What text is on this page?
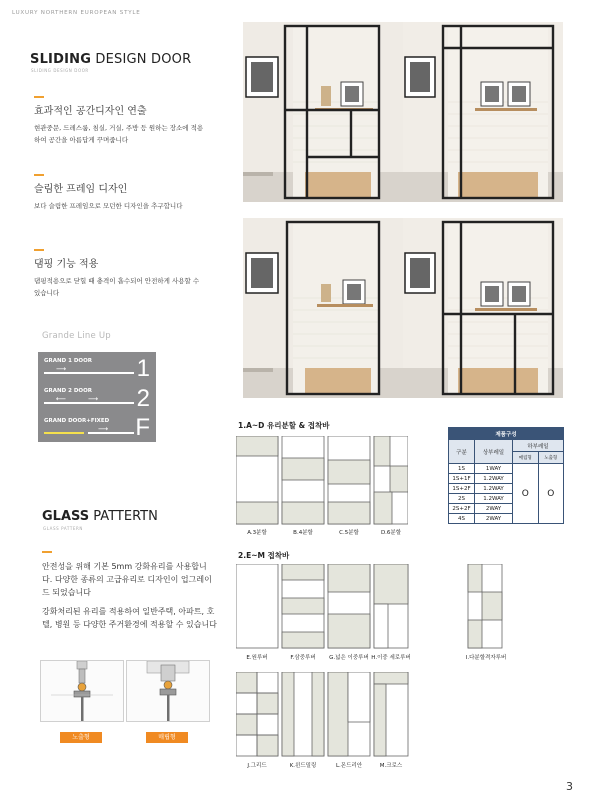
LUXURY NORTHERN EUROPEAN STYLE
SLIDING DESIGN DOOR
SLIDING DESIGN DOOR
효과적인 공간디자인 연출

현관중문, 드레스룸, 침실, 거실, 주방 등 원하는 장소에 적용하여 공간을 아름답게 꾸며줍니다

슬림한 프레임 디자인

보다 슬림한 프레임으로 모던한 디자인을 추구합니다

댐핑 기능 적용

댐핑적용으로 닫힐 때 충격이 흡수되어 안전하게 사용할 수 있습니다

Grande Line Up
GRAND 1 DOOR
⟶	1
GRAND 2 DOOR
⟵	⟶ 2
GRAND DOOR+FIXED
⟶ F
GLASS PATTERTN
GLASS PATTERN
안전성을 위해 기본 5mm 강화유리를 사용합니다. 다양한 종류의 고급유리로 디자인이 업그레이드 되었습니다
강화처리된 유리를 적용하여 일반주택, 아파트, 호텔, 병원 등 다양한 주거환경에 적용할 수 있습니다
노출형	매립형
1.A~D 유리분할 & 접착바
A.3분할	B.4분할	C.5분할	D.6분할
제품구성			
구분	상부레일	하부레일	
		매립형	노출형
1S	1WAY	O	O
1S+1F	1.2WAY		
1S+2F	1.2WAY		
2S	1.2WAY		
2S+2F	2WAY		
4S	2WAY		
2.E~M 접착바
E.원루버	F.삼중루버	G.넓은 이중루버 H.이중 세로루버	I.다분할격자루버
J.그리드	K.윈드밀링	L.몬드리안	M.크로스
3
